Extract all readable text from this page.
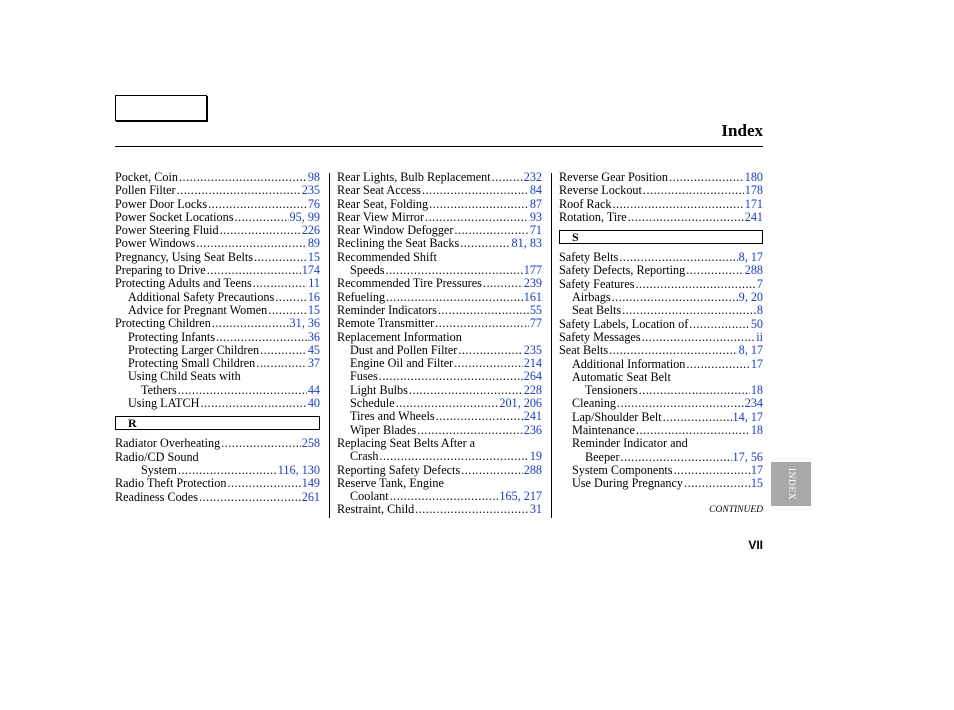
Index
Pocket, Coin .....	98
Pollen Filter .....	235
Power Door Locks .....	76
Power Socket Locations .....	95, 99
Power Steering Fluid .....	226
Power Windows .....	89
Pregnancy, Using Seat Belts .....	15
Preparing to Drive .....	174
Protecting Adults and Teens .....	11
Additional Safety Precautions .....	16
Advice for Pregnant Women .....	15
Protecting Children .....	31, 36
Protecting Infants .....	36
Protecting Larger Children .....	45
Protecting Small Children .....	37
Using Child Seats with
Tethers .....	44
Using LATCH .....	40
R
Radiator Overheating .....	258
Radio/CD Sound
System .....	116, 130
Radio Theft Protection .....	149
Readiness Codes .....	261
Rear Lights, Bulb Replacement .....	232
Rear Seat Access .....	84
Rear Seat, Folding .....	87
Rear View Mirror .....	93
Rear Window Defogger .....	71
Reclining the Seat Backs .....	81, 83
Recommended Shift
Speeds .....	177
Recommended Tire Pressures .....	239
Refueling .....	161
Reminder Indicators .....	55
Remote Transmitter .....	77
Replacement Information
Dust and Pollen Filter .....	235
Engine Oil and Filter .....	214
Fuses .....	264
Light Bulbs .....	228
Schedule .....	201, 206
Tires and Wheels .....	241
Wiper Blades .....	236
Replacing Seat Belts After a
Crash .....	19
Reporting Safety Defects .....	288
Reserve Tank, Engine
Coolant .....	165, 217
Restraint, Child .....	31
Reverse Gear Position .....	180
Reverse Lockout .....	178
Roof Rack .....	171
Rotation, Tire .....	241
S
Safety Belts .....	8, 17
Safety Defects, Reporting .....	288
Safety Features .....	7
Airbags .....	9, 20
Seat Belts .....	8
Safety Labels, Location of .....	50
Safety Messages .....	ii
Seat Belts .....	8, 17
Additional Information .....	17
Automatic Seat Belt
Tensioners .....	18
Cleaning .....	234
Lap/Shoulder Belt .....	14, 17
Maintenance .....	18
Reminder Indicator and
Beeper .....	17, 56
System Components .....	17
Use During Pregnancy .....	15
CONTINUED
VII
INDEX
